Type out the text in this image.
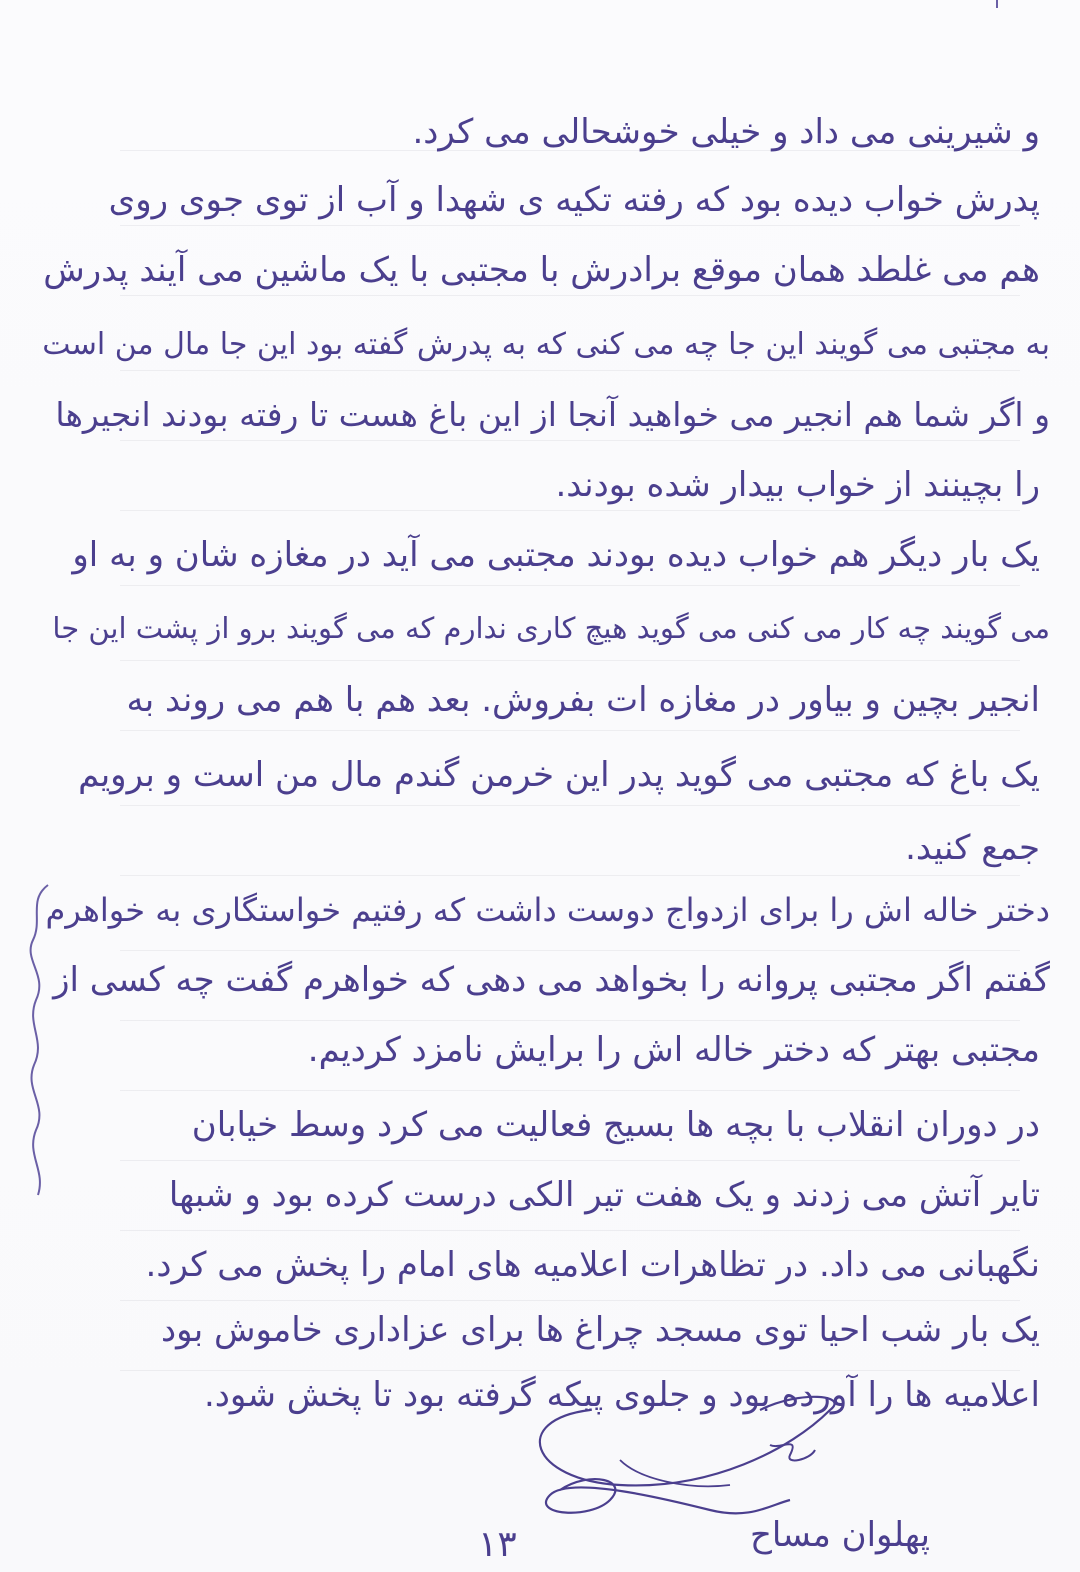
و شیرینی می داد و خیلی خوشحالی می کرد.
پدرش خواب دیده بود که رفته تکیه ی شهدا و آب از توی جوی روی
هم می غلطد همان موقع برادرش با مجتبی با یک ماشین می آیند پدرش
به مجتبی می گویند این جا چه می کنی که به پدرش گفته بود این جا مال من است
و اگر شما هم انجیر می خواهید آنجا از این باغ هست تا رفته بودند انجیرها
را بچینند از خواب بیدار شده بودند.
یک بار دیگر هم خواب دیده بودند مجتبی می آید در مغازه شان و به او
می گویند چه کار می کنی می گوید هیچ کاری ندارم که می گویند برو از پشت این جا
انجیر بچین و بیاور در مغازه ات بفروش. بعد هم با هم می روند به
یک باغ که مجتبی می گوید پدر این خرمن گندم مال من است و برویم
جمع کنید.
دختر خاله اش را برای ازدواج دوست داشت که رفتیم خواستگاری به خواهرم
گفتم اگر مجتبی پروانه را بخواهد می دهی که خواهرم گفت چه کسی از
مجتبی بهتر که دختر خاله اش را برایش نامزد کردیم.
در دوران انقلاب با بچه ها بسیج فعالیت می کرد وسط خیابان
تایر آتش می زدند و یک هفت تیر الکی درست کرده بود و شبها
نگهبانی می داد. در تظاهرات اعلامیه های امام را پخش می کرد.
یک بار شب احیا توی مسجد چراغ ها برای عزاداری خاموش بود
اعلامیه ها را آورده بود و جلوی پیکه گرفته بود تا پخش شود.
پهلوان مساح
۱۳
